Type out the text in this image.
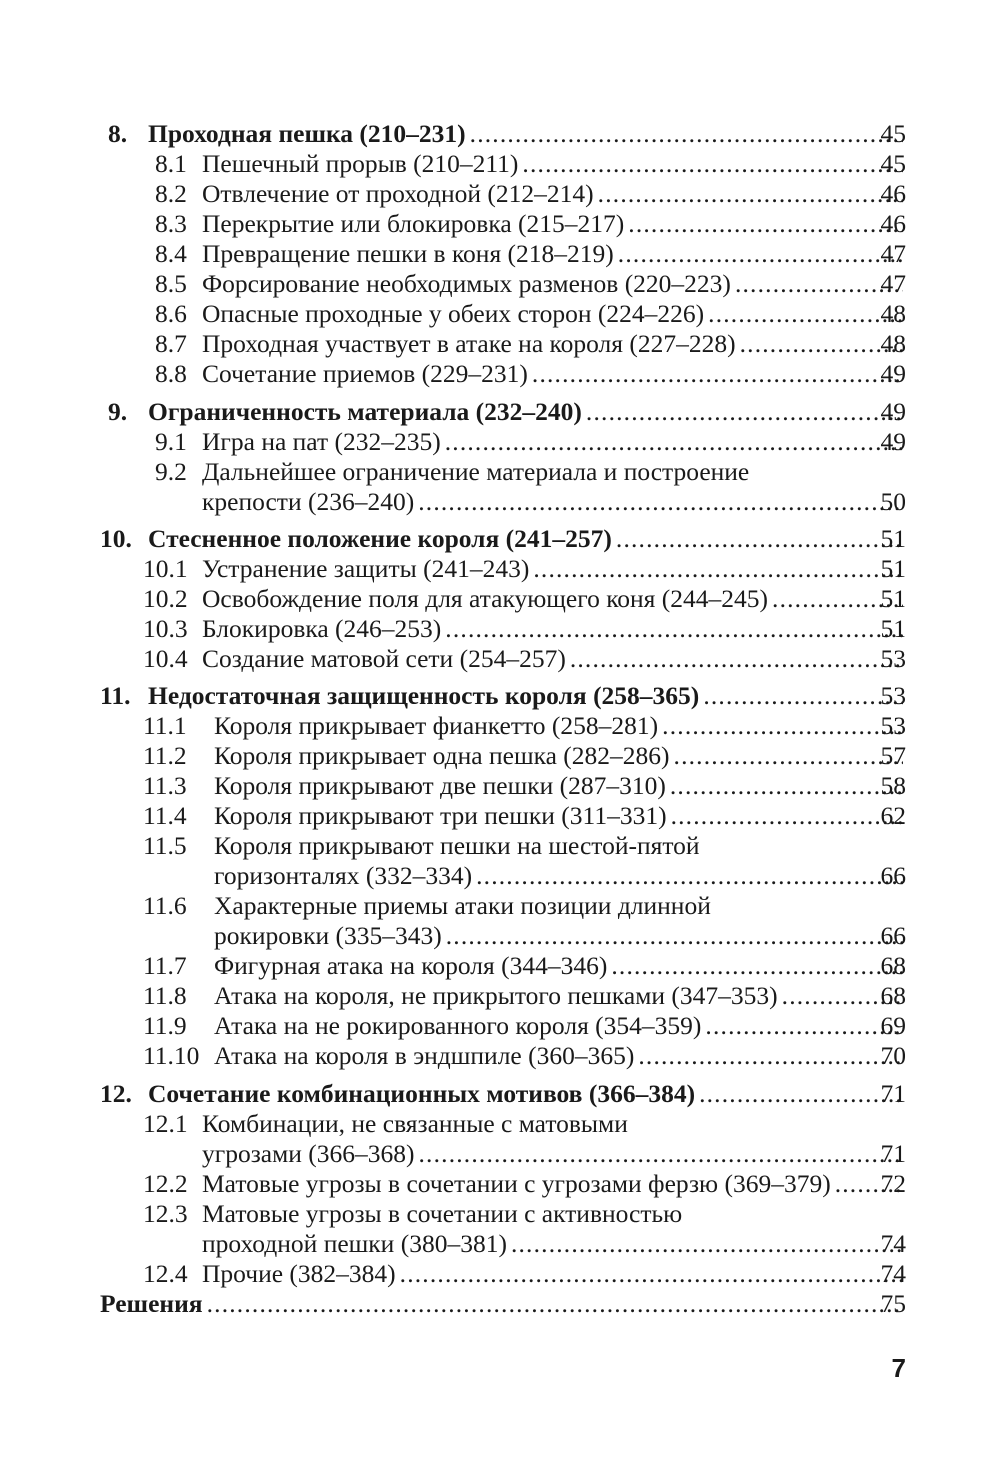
8. Проходная пешка (210–231) . . .	45
8.1 Пешечный прорыв (210–211) . . .	45
8.2 Отвлечение от проходной (212–214) . . .	46
8.3 Перекрытие или блокировка (215–217) . . .	46
8.4 Превращение пешки в коня (218–219) . . .	47
8.5 Форсирование необходимых разменов (220–223) . . .	47
8.6 Опасные проходные у обеих сторон (224–226) . . .	48
8.7 Проходная участвует в атаке на короля (227–228) . . .	48
8.8 Сочетание приемов (229–231) . . .	49
9. Ограниченность материала (232–240) . . .	49
9.1 Игра на пат (232–235) . . .	49
9.2 Дальнейшее ограничение материала и построение
крепости (236–240) . . .	50
10. Стесненное положение короля (241–257) . . .	51
10.1 Устранение защиты (241–243) . . .	51
10.2 Освобождение поля для атакующего коня (244–245) . . .	51
10.3 Блокировка (246–253) . . .	51
10.4 Создание матовой сети (254–257) . . .	53
11. Недостаточная защищенность короля (258–365) . . .	53
11.1 Короля прикрывает фианкетто (258–281) . . .	53
11.2 Короля прикрывает одна пешка (282–286) . . .	57
11.3 Короля прикрывают две пешки (287–310) . . .	58
11.4 Короля прикрывают три пешки (311–331) . . .	62
11.5 Короля прикрывают пешки на шестой-пятой
горизонталях (332–334) . . .	66
11.6 Характерные приемы атаки позиции длинной
рокировки (335–343) . . .	66
11.7 Фигурная атака на короля (344–346) . . .	68
11.8 Атака на короля, не прикрытого пешками (347–353) . . .	68
11.9 Атака на не рокированного короля (354–359) . . .	69
11.10 Атака на короля в эндшпиле (360–365) . . .	70
12. Сочетание комбинационных мотивов (366–384) . . .	71
12.1 Комбинации, не связанные с матовыми
угрозами (366–368) . . .	71
12.2 Матовые угрозы в сочетании с угрозами ферзю (369–379) . . . 72
12.3 Матовые угрозы в сочетании с активностью
проходной пешки (380–381) . . .	74
12.4 Прочие (382–384) . . .	74
Решения . . .	75
7
